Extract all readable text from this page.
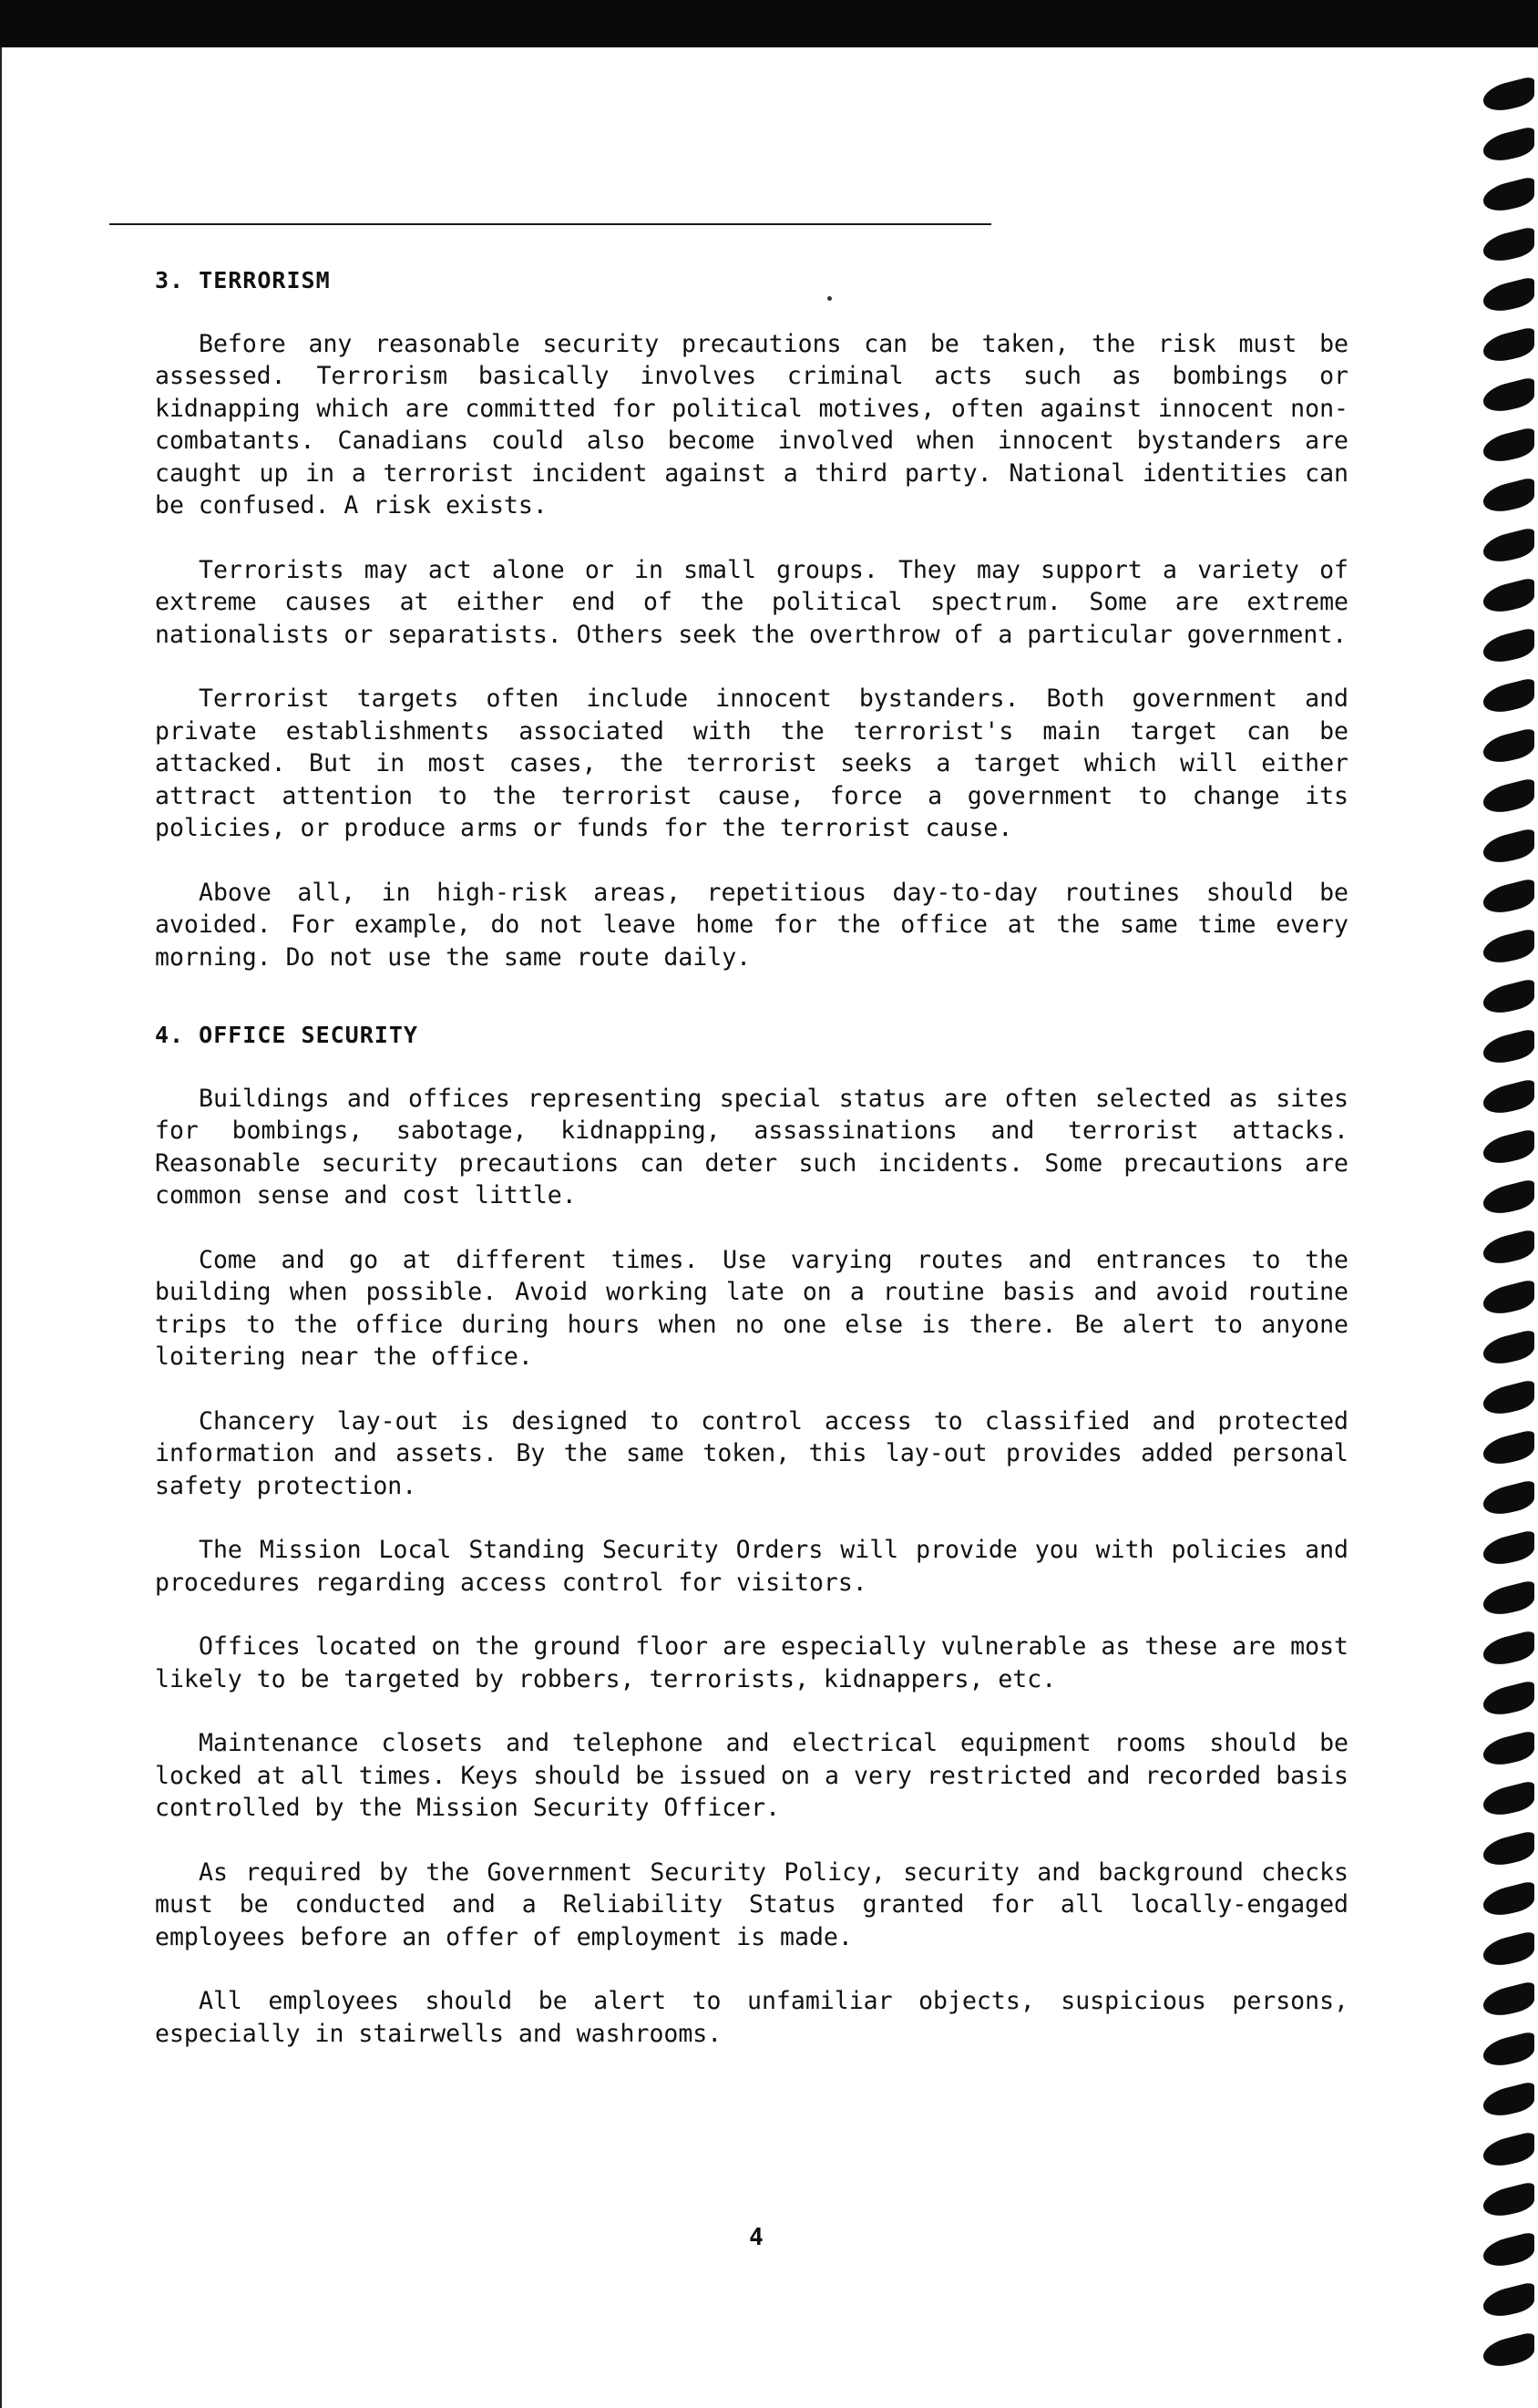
3. TERRORISM
Before any reasonable security precautions can be taken, the risk must be assessed. Terrorism basically involves criminal acts such as bombings or kidnapping which are committed for political motives, often against innocent non-combatants. Canadians could also become involved when innocent bystanders are caught up in a terrorist incident against a third party. National identities can be confused. A risk exists.
Terrorists may act alone or in small groups. They may support a variety of extreme causes at either end of the political spectrum. Some are extreme nationalists or separatists. Others seek the overthrow of a particular government.
Terrorist targets often include innocent bystanders. Both government and private establishments associated with the terrorist's main target can be attacked. But in most cases, the terrorist seeks a target which will either attract attention to the terrorist cause, force a government to change its policies, or produce arms or funds for the terrorist cause.
Above all, in high-risk areas, repetitious day-to-day routines should be avoided. For example, do not leave home for the office at the same time every morning. Do not use the same route daily.
4. OFFICE SECURITY
Buildings and offices representing special status are often selected as sites for bombings, sabotage, kidnapping, assassinations and terrorist attacks. Reasonable security precautions can deter such incidents. Some precautions are common sense and cost little.
Come and go at different times. Use varying routes and entrances to the building when possible. Avoid working late on a routine basis and avoid routine trips to the office during hours when no one else is there. Be alert to anyone loitering near the office.
Chancery lay-out is designed to control access to classified and protected information and assets. By the same token, this lay-out provides added personal safety protection.
The Mission Local Standing Security Orders will provide you with policies and procedures regarding access control for visitors.
Offices located on the ground floor are especially vulnerable as these are most likely to be targeted by robbers, terrorists, kidnappers, etc.
Maintenance closets and telephone and electrical equipment rooms should be locked at all times. Keys should be issued on a very restricted and recorded basis controlled by the Mission Security Officer.
As required by the Government Security Policy, security and background checks must be conducted and a Reliability Status granted for all locally-engaged employees before an offer of employment is made.
All employees should be alert to unfamiliar objects, suspicious persons, especially in stairwells and washrooms.
4
